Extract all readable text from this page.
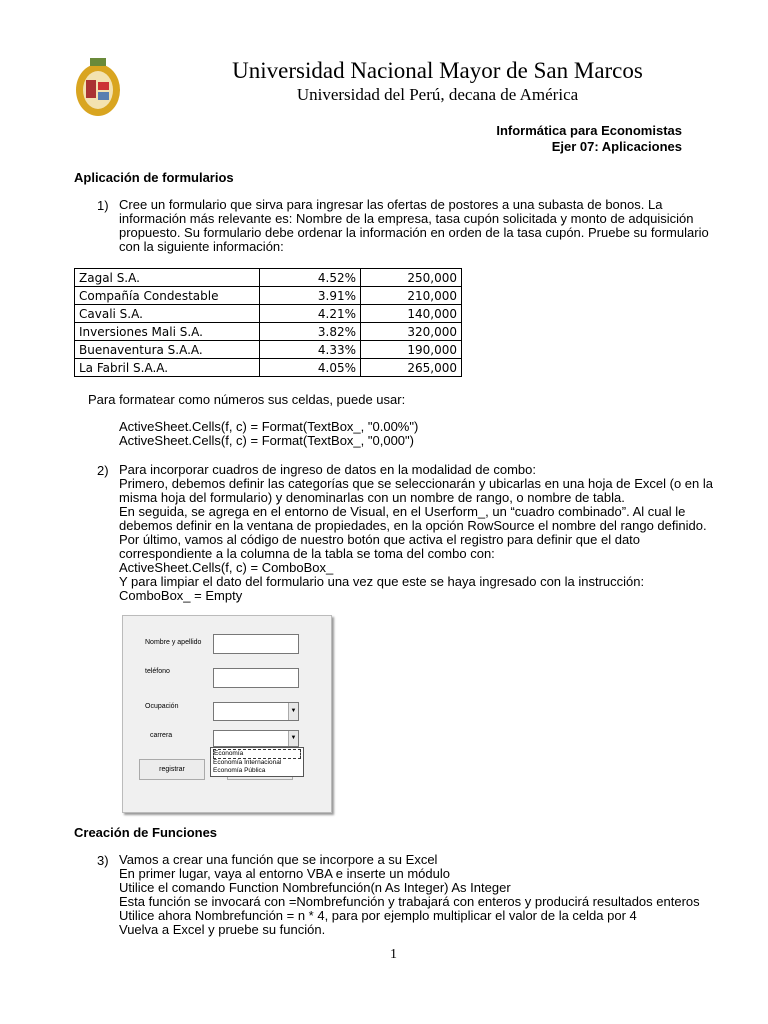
Universidad Nacional Mayor de San Marcos
Universidad del Perú, decana de América
Informática para Economistas
Ejer 07: Aplicaciones
Aplicación de formularios
1) Cree un formulario que sirva para ingresar las ofertas de postores a una subasta de bonos. La
información más relevante es: Nombre de la empresa, tasa cupón solicitada y monto de adquisición
propuesto. Su formulario debe ordenar la información en orden de la tasa cupón. Pruebe su formulario
con la siguiente información:
Zagal S.A.	4.52%	250,000
Compañía Condestable	3.91%	210,000
Cavali S.A.	4.21%	140,000
Inversiones Mali S.A.	3.82%	320,000
Buenaventura S.A.A.	4.33%	190,000
La Fabril S.A.A.	4.05%	265,000
Para formatear como números sus celdas, puede usar:
ActiveSheet.Cells(f, c) = Format(TextBox_, "0.00%")
ActiveSheet.Cells(f, c) = Format(TextBox_, "0,000")
2) Para incorporar cuadros de ingreso de datos en la modalidad de combo:
Primero, debemos definir las categorías que se seleccionarán y ubicarlas en una hoja de Excel (o en la
misma hoja del formulario) y denominarlas con un nombre de rango, o nombre de tabla.
En seguida, se agrega en el entorno de Visual, en el Userform_, un “cuadro combinado”. Al cual le
debemos definir en la ventana de propiedades, en la opción RowSource el nombre del rango definido.
Por último, vamos al código de nuestro botón que activa el registro para definir que el dato
correspondiente a la columna de la tabla se toma del combo con:
ActiveSheet.Cells(f, c) = ComboBox_
Y para limpiar el dato del formulario una vez que este se haya ingresado con la instrucción:
ComboBox_ = Empty
Nombre y apellido
teléfono
Ocupación
▼
carrera	▼
Economía
Economía Internacional
Economía Pública
registrar
Creación de Funciones
3) Vamos a crear una función que se incorpore a su Excel
En primer lugar, vaya al entorno VBA e inserte un módulo
Utilice el comando Function Nombrefunción(n As Integer) As Integer
Esta función se invocará con =Nombrefunción y trabajará con enteros y producirá resultados enteros
Utilice ahora Nombrefunción = n * 4, para por ejemplo multiplicar el valor de la celda por 4
Vuelva a Excel y pruebe su función.
1
